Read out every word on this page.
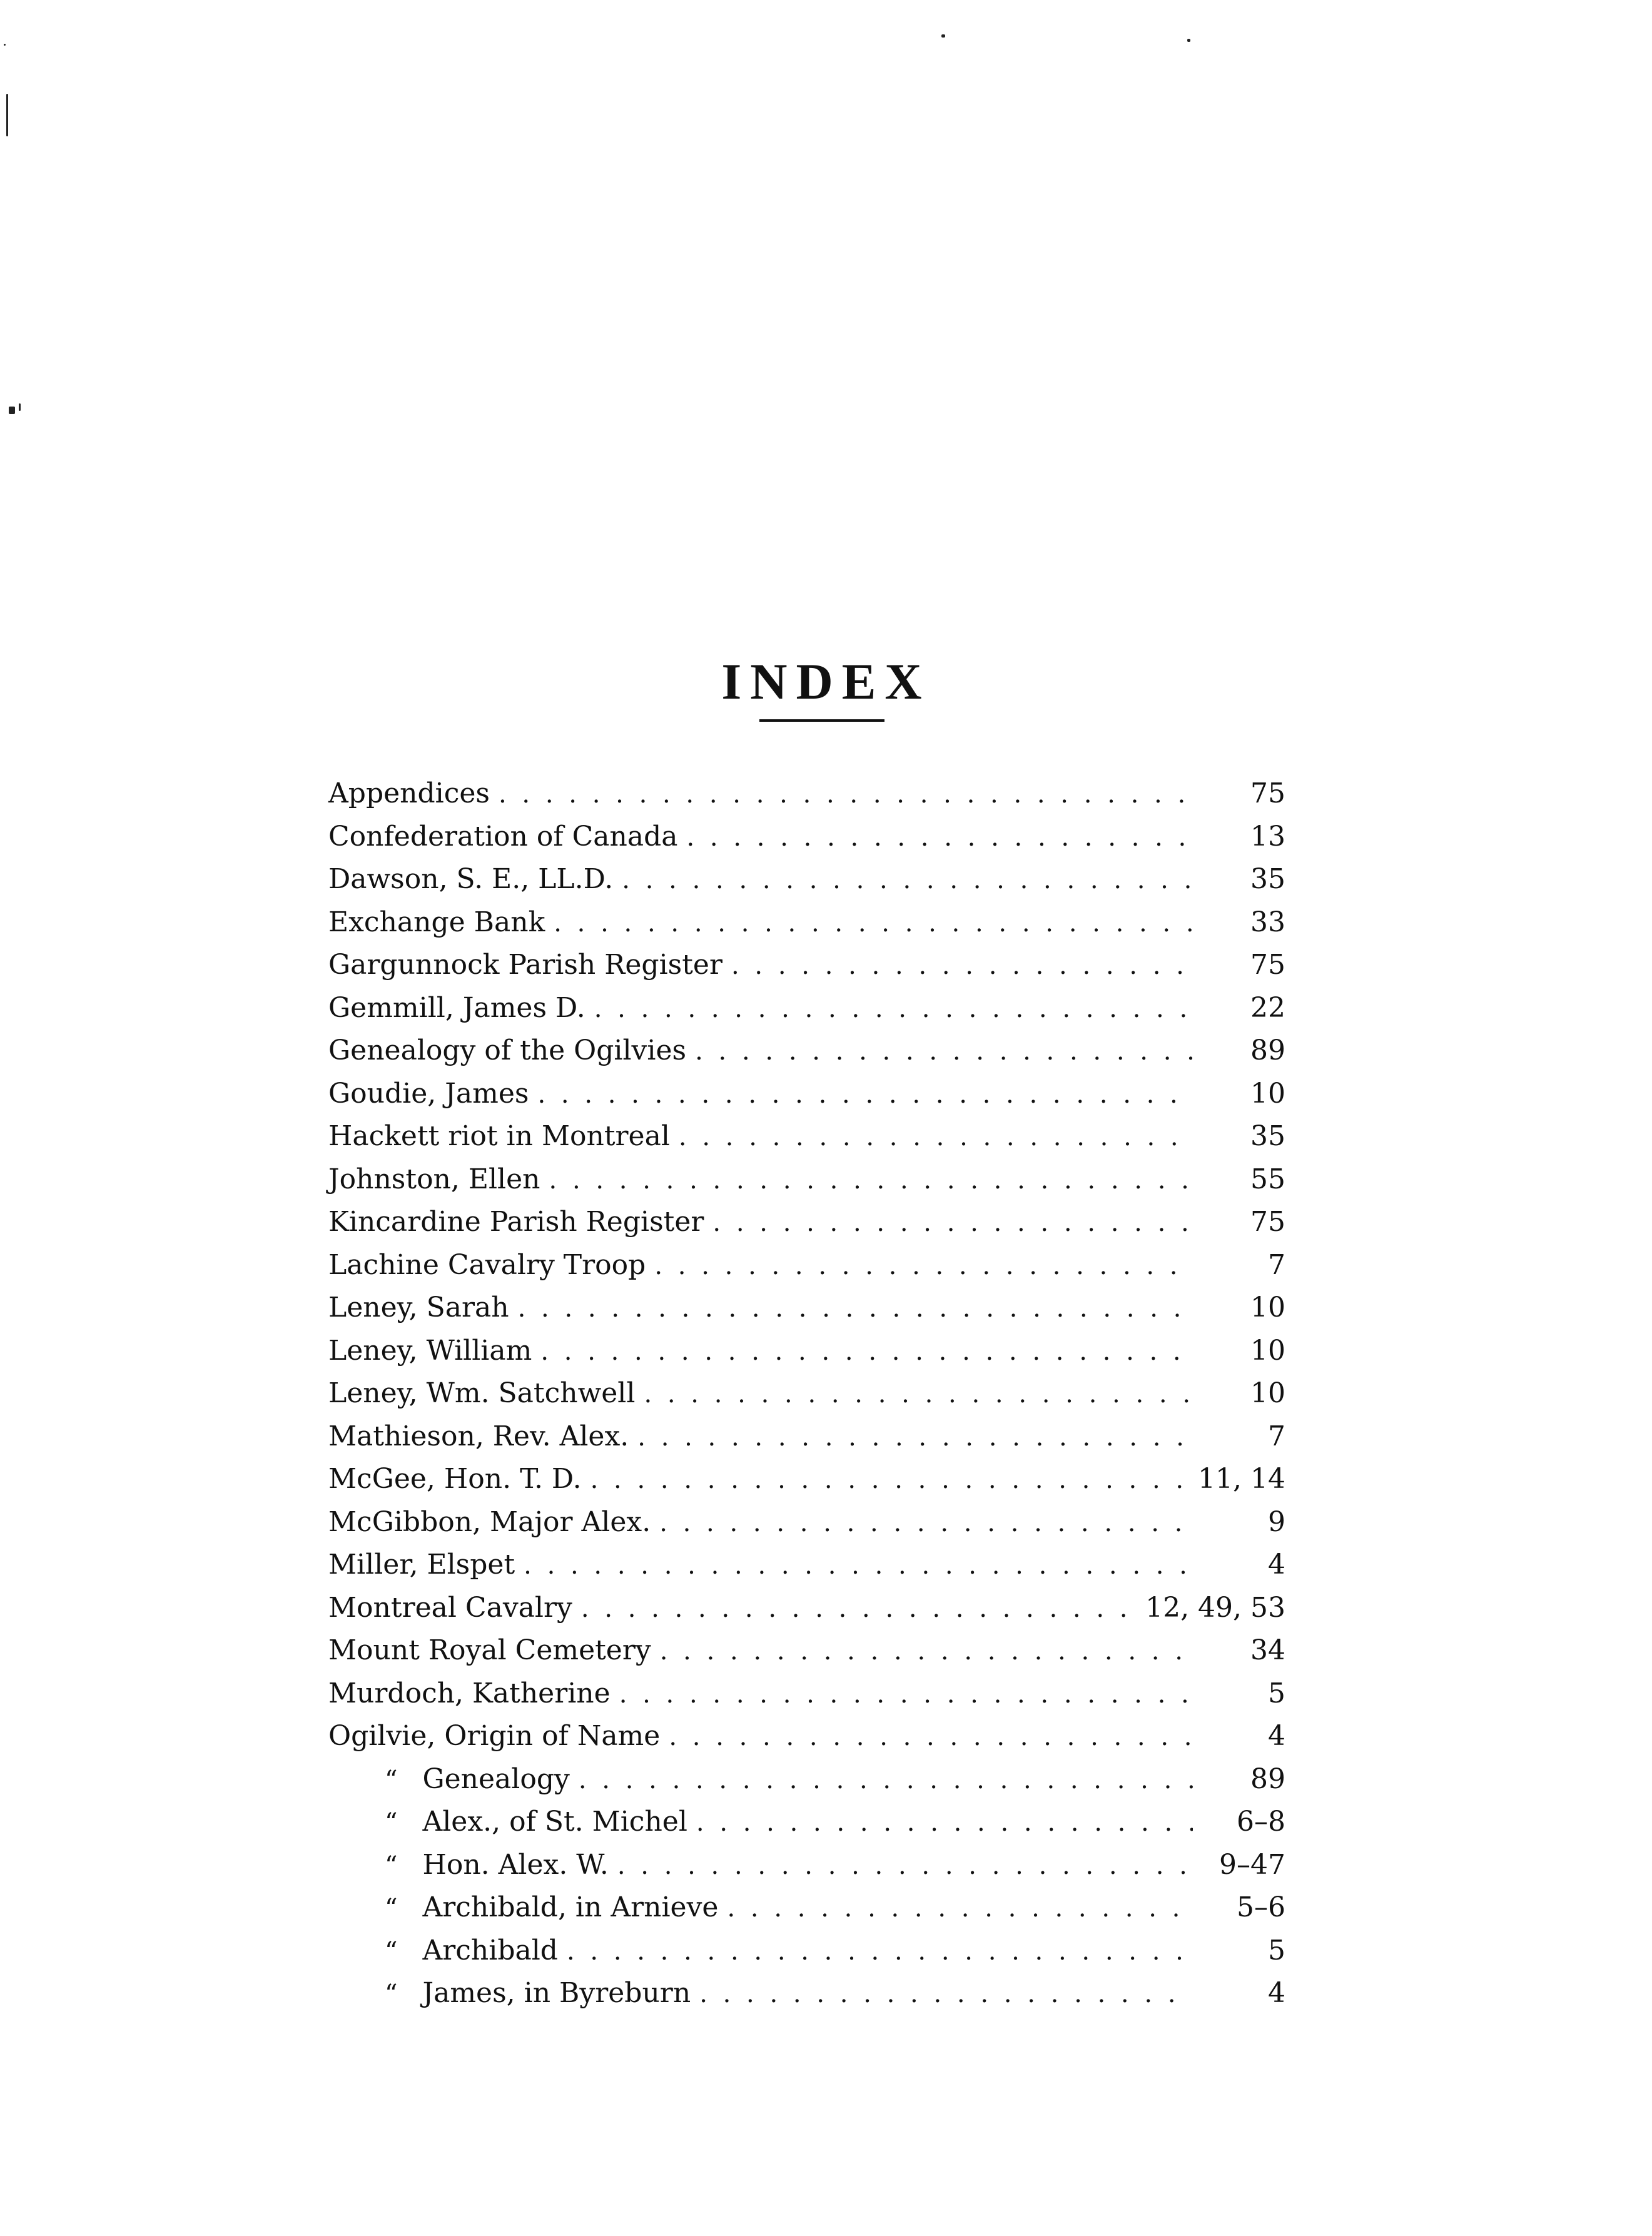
INDEX
Appendices . . .	75
Confederation of Canada . . .	13
Dawson, S. E., LL.D. . . .	35
Exchange Bank . . .	33
Gargunnock Parish Register . . .	75
Gemmill, James D. . . .	22
Genealogy of the Ogilvies . . .	89
Goudie, James . . .	10
Hackett riot in Montreal . . .	35
Johnston, Ellen . . .	55
Kincardine Parish Register . . .	75
Lachine Cavalry Troop . . .	7
Leney, Sarah . . .	10
Leney, William . . .	10
Leney, Wm. Satchwell . . .	10
Mathieson, Rev. Alex. . . .	7
McGee, Hon. T. D. . . .	11, 14
McGibbon, Major Alex. . . .	9
Miller, Elspet . . .	4
Montreal Cavalry . . .	12, 49, 53
Mount Royal Cemetery . . .	34
Murdoch, Katherine . . .	5
Ogilvie, Origin of Name . . .	4
“ Genealogy . . .	89
“ Alex., of St. Michel . . .	6–8
“ Hon. Alex. W. . . .	9–47
“ Archibald, in Arnieve . . .	5–6
“ Archibald . . .	5
“ James, in Byreburn . . .	4
